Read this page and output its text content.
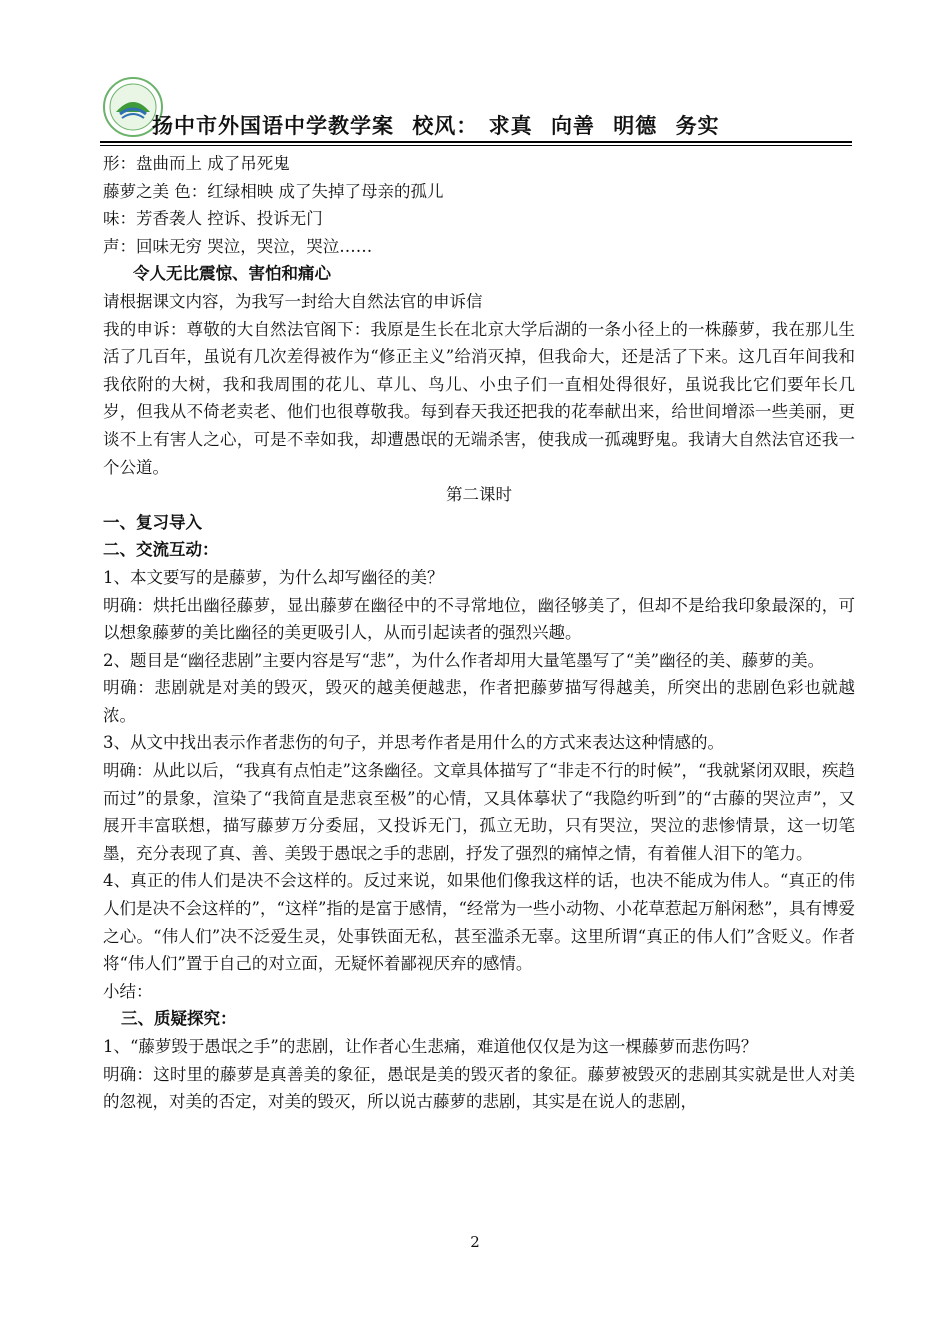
扬中市外国语中学教学案 校风： 求真 向善 明德 务实

形：盘曲而上 成了吊死鬼

藤萝之美 色：红绿相映 成了失掉了母亲的孤儿

味：芳香袭人 控诉、投诉无门

声：回味无穷 哭泣，哭泣，哭泣……

令人无比震惊、害怕和痛心

请根据课文内容，为我写一封给大自然法官的申诉信

我的申诉：尊敬的大自然法官阁下：我原是生长在北京大学后湖的一条小径上的一株藤萝，我在那儿生活了几百年，虽说有几次差得被作为“修正主义”给消灭掉，但我命大，还是活了下来。这几百年间我和我依附的大树，我和我周围的花儿、草儿、鸟儿、小虫子们一直相处得很好，虽说我比它们要年长几岁，但我从不倚老卖老、他们也很尊敬我。每到春天我还把我的花奉献出来，给世间增添一些美丽，更谈不上有害人之心，可是不幸如我，却遭愚氓的无端杀害，使我成一孤魂野鬼。我请大自然法官还我一个公道。

第二课时

一、复习导入

二、交流互动：

1、本文要写的是藤萝，为什么却写幽径的美？

明确：烘托出幽径藤萝，显出藤萝在幽径中的不寻常地位，幽径够美了，但却不是给我印象最深的，可以想象藤萝的美比幽径的美更吸引人，从而引起读者的强烈兴趣。

2、题目是“幽径悲剧”主要内容是写“悲”，为什么作者却用大量笔墨写了“美”幽径的美、藤萝的美。

明确：悲剧就是对美的毁灭，毁灭的越美便越悲，作者把藤萝描写得越美，所突出的悲剧色彩也就越浓。

3、从文中找出表示作者悲伤的句子，并思考作者是用什么的方式来表达这种情感的。

明确：从此以后，“我真有点怕走”这条幽径。文章具体描写了“非走不行的时候”，“我就紧闭双眼，疾趋而过”的景象，渲染了“我简直是悲哀至极”的心情，又具体摹状了“我隐约听到”的“古藤的哭泣声”，又展开丰富联想，描写藤萝万分委屈，又投诉无门，孤立无助，只有哭泣，哭泣的悲惨情景，这一切笔墨，充分表现了真、善、美毁于愚氓之手的悲剧，抒发了强烈的痛悼之情，有着催人泪下的笔力。

4、真正的伟人们是决不会这样的。反过来说，如果他们像我这样的话，也决不能成为伟人。“真正的伟人们是决不会这样的”，“这样”指的是富于感情，“经常为一些小动物、小花草惹起万斛闲愁”，具有博爱之心。“伟人们”决不泛爱生灵，处事铁面无私，甚至滥杀无辜。这里所谓“真正的伟人们”含贬义。作者将“伟人们”置于自己的对立面，无疑怀着鄙视厌弃的感情。

小结：

三、质疑探究：

1、“藤萝毁于愚氓之手”的悲剧，让作者心生悲痛，难道他仅仅是为这一棵藤萝而悲伤吗？

明确：这时里的藤萝是真善美的象征，愚氓是美的毁灭者的象征。藤萝被毁灭的悲剧其实就是世人对美的忽视，对美的否定，对美的毁灭，所以说古藤萝的悲剧，其实是在说人的悲剧，

2
